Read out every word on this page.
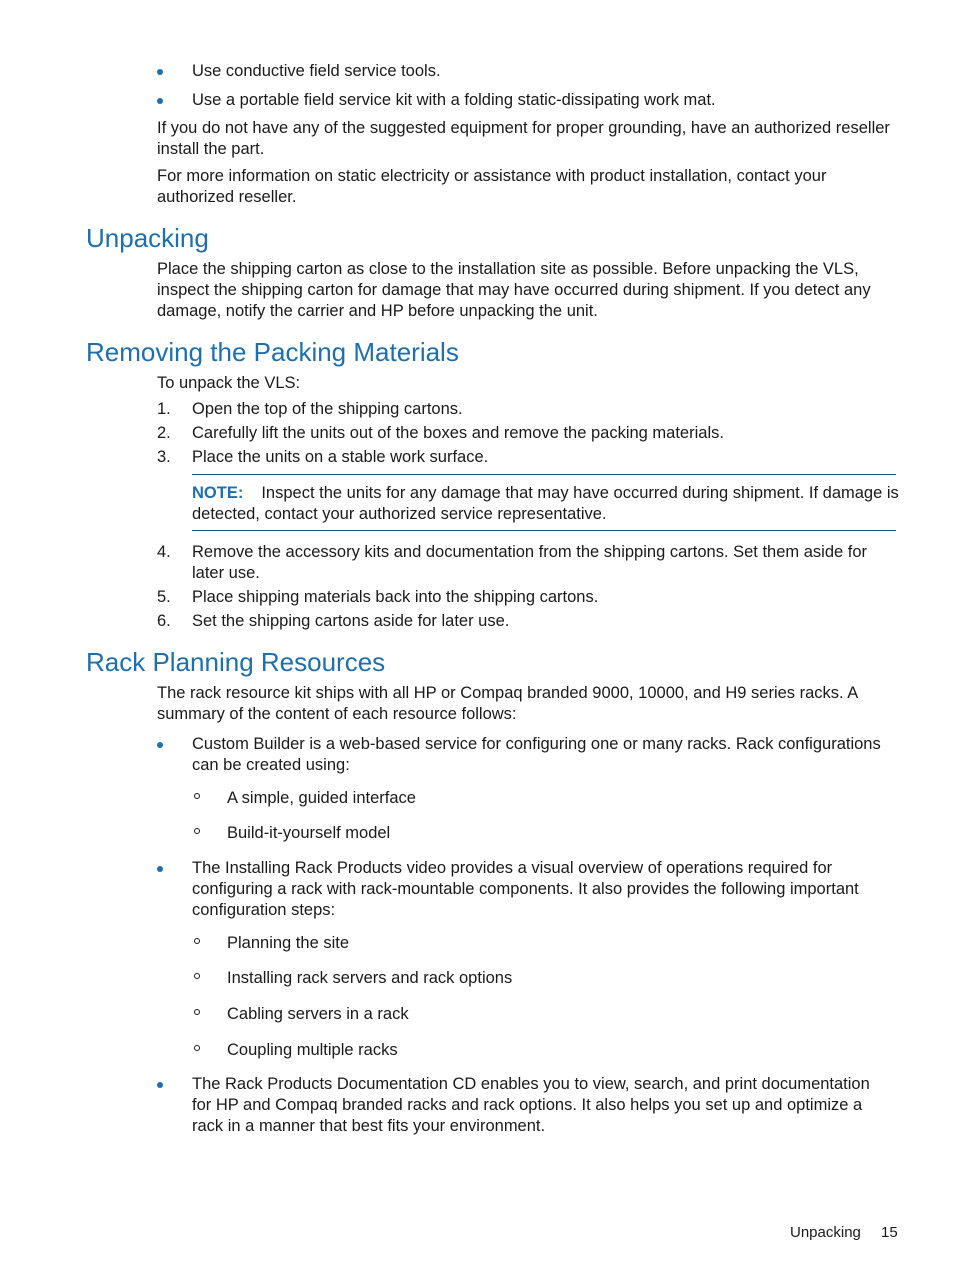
Use conductive field service tools.
Use a portable field service kit with a folding static-dissipating work mat.
If you do not have any of the suggested equipment for proper grounding, have an authorized reseller install the part.
For more information on static electricity or assistance with product installation, contact your authorized reseller.
Unpacking
Place the shipping carton as close to the installation site as possible. Before unpacking the VLS, inspect the shipping carton for damage that may have occurred during shipment. If you detect any damage, notify the carrier and HP before unpacking the unit.
Removing the Packing Materials
To unpack the VLS:
1.	Open the top of the shipping cartons.
2.	Carefully lift the units out of the boxes and remove the packing materials.
3.	Place the units on a stable work surface.
NOTE: Inspect the units for any damage that may have occurred during shipment. If damage is detected, contact your authorized service representative.
4.	Remove the accessory kits and documentation from the shipping cartons. Set them aside for later use.
5.	Place shipping materials back into the shipping cartons.
6.	Set the shipping cartons aside for later use.
Rack Planning Resources
The rack resource kit ships with all HP or Compaq branded 9000, 10000, and H9 series racks. A summary of the content of each resource follows:
Custom Builder is a web-based service for configuring one or many racks. Rack configurations can be created using:
A simple, guided interface
Build-it-yourself model
The Installing Rack Products video provides a visual overview of operations required for configuring a rack with rack-mountable components. It also provides the following important configuration steps:
Planning the site
Installing rack servers and rack options
Cabling servers in a rack
Coupling multiple racks
The Rack Products Documentation CD enables you to view, search, and print documentation for HP and Compaq branded racks and rack options. It also helps you set up and optimize a rack in a manner that best fits your environment.
Unpacking 15
